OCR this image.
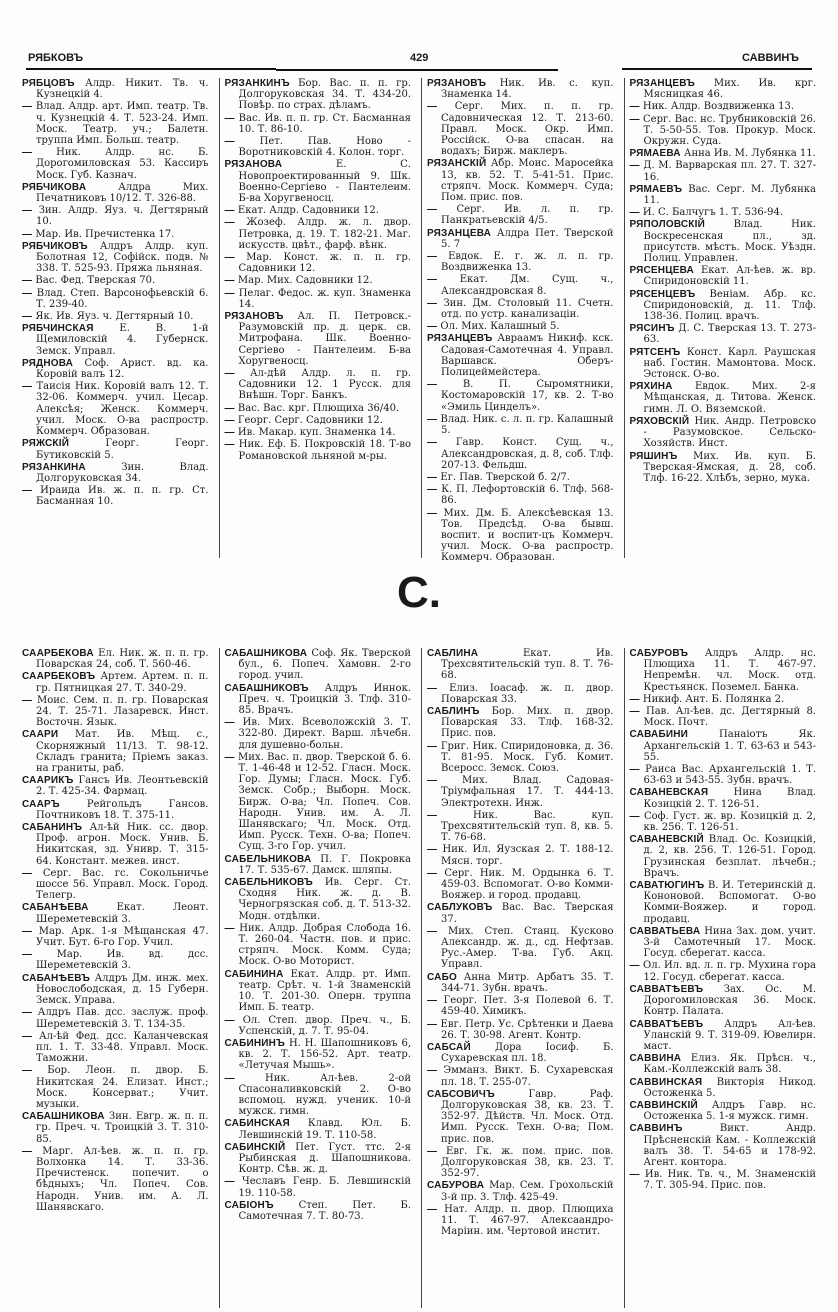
РЯБКОВЪ	429	САВВИНЪ
РЯБЦОВЪ Алдр. Никит. Тв. ч. Кузнецкій 4.
— Влад. Алдр. арт. Имп. театр. Тв. ч. Кузнецкій 4. Т. 523-24. Имп. Моск. Театр. уч.; Балетн. труппа Имп. Больш. театр.
— Ник. Алдр. нс. Б. Дорогомиловская 53. Кассиръ Моск. Губ. Казнач.
РЯБЧИКОВА	Алдра Мих. Печатниковъ 10/12. Т. 326-88.
— Зин. Алдр. Яуз. ч. Дегтярный 10.
— Мар. Ив. Пречистенка 17.
РЯБЧИКОВЪ Алдръ Алдр. куп. Болотная 12, Софійск. подв. № 338. Т. 525-93. Пряжа льняная.
— Вас. Фед. Тверская 70.
— Влад. Степ. Варсонофьевскій 6. Т. 239-40.
— Як. Ив. Яуз. ч. Дегтярный 10.
РЯБЧИНСКАЯ	Е. В. 1-й Щемиловскій 4. Губернск. Земск. Управл.
РЯДНОВА Соф. Арист. вд. ка. Коровій валъ 12.
— Таисія Ник. Коровій валъ 12. Т. 32-06. Коммерч. учил. Цесар. Алексѣя; Женск. Коммерч. учил. Моск. О-ва распростр. Коммерч. Образован.
РЯЖСКІЙ	Георг. Георг. Бутиковскій 5.
РЯЗАНКИНА	Зин. Влад. Долгоруковская 34.
— Ираида Ив. ж. п. п. гр. Ст. Басманная 10.
РЯЗАНКИНЪ Бор. Вас. п. п. гр. Долгоруковская 34. Т. 434-20. Повѣр. по страх. дѣламъ.
— Вас. Ив. п. п. гр. Ст. Басманная 10. Т. 86-10.
— Пет. Пав. Ново - Воротниковскій 4. Колон. торг.
РЯЗАНОВА	Е. С. Новопроектированный 9. Шк. Военно-Сергіево - Пантелеим. Б-ва Хоругвеносц.
— Екат. Алдр. Садовники 12.
— Жозеф. Алдр. ж. л. двор. Петровка, д. 19. Т. 182-21. Маг. искусств. цвѣт., фарф. вѣнк.
— Мар. Конст. ж. п. п. гр. Садовники 12.
— Мар. Мих. Садовники 12.
— Пелаг. Федос. ж. куп. Знаменка 14.
РЯЗАНОВЪ Ал. П. Петровск.-Разумовскій пр. д. церк. св. Митрофана. Шк. Военно-Сергіево - Пантелеим. Б-ва Хоругвеносц.
— Ал-дѣй Алдр. л. п. гр. Садовники 12. 1 Русск. для Внѣшн. Торг. Банкъ.
— Вас. Вас. крг. Плющиха 36/40.
— Георг. Серг. Садовники 12.
— Ив. Макар. куп. Знаменка 14.
— Ник. Еф. Б. Покровскій 18. Т-во Романовской льняной м-ры.
РЯЗАНОВЪ Ник. Ив. с. куп. Знаменка 14.
— Серг. Мих. п. п. гр. Садовническая 12. Т. 213-60. Правл. Моск. Окр. Имп. Россійск. О-ва спасан. на водахъ; Бирж. маклеръ.
РЯЗАНСКІЙ Абр. Моис. Маросейка 13, кв. 52. Т. 5-41-51. Прис. стряпч. Моск. Коммерч. Суда; Пом. прис. пов.
— Серг. Ив. л. п. гр. Панкратьевскій 4/5.
РЯЗАНЦЕВА Алдра Пет. Тверской 5. 7
— Евдок. Е. г. ж. л. п. гр. Воздвиженка 13.
— Екат. Дм. Сущ. ч., Александровская 8.
— Зин. Дм. Столовый 11. Счетн. отд. по устр. канализаціи.
— Ол. Мих. Калашный 5.
РЯЗАНЦЕВЪ Авраамъ Никиф. кск. Садовая-Самотечная 4. Управл. Варшавск. Оберъ-Полицеймейстера.
—	В. П. Сыромятники, Костомаровскій 17, кв. 2. Т-во «Эмиль Цинделъ».
— Влад. Ник. с. л. п. гр. Калашный 5.
— Гавр. Конст. Сущ. ч., Александровская, д. 8, соб. Тлф. 207-13. Фельдш.
— Ег. Пав. Тверской б. 2/7.
— К. П. Лефортовскій 6. Тлф. 568-86.
— Мих. Дм. Б. Алексѣевская 13. Тов. Предсѣд. О-ва бывш. воспит. и воспит-цъ Коммерч. учил. Моск. О-ва распростр. Коммерч. Образован.
РЯЗАНЦЕВЪ Мих. Ив. крг. Мясницкая 46.
— Ник. Алдр. Воздвиженка 13.
— Серг. Вас. нс. Трубниковскій 26. Т. 5-50-55. Тов. Прокур. Моск. Окружн. Суда.
РЯМАЕВА Анна Ив. М. Лубянка 11.
— Д. М. Варварская пл. 27. Т. 327-16.
РЯМАЕВЪ Вас. Серг. М. Лубянка 11.
— И. С. Балчугъ 1. Т. 536-94.
РЯПОЛОВСКІЙ	Влад. Ник. Воскресенская пл., зд. присутств. мѣстъ. Моск. Уѣздн. Полиц. Управлен.
РЯСЕНЦЕВА Екат. Ал-ѣев. ж. вр. Спиридоновскій 11.
РЯСЕНЦЕВЪ Веніам. Абр. кс. Спиридоновскій, д. 11. Тлф. 138-36. Полиц. врачъ.
РЯСИНЪ Д. С. Тверская 13. Т. 273-63.
РЯТСЕНЪ Конст. Карл. Раушская наб. Гостин. Мамонтова. Моск. Эстонск. О-во.
РЯХИНА Евдок. Мих. 2-я Мѣщанская, д. Титова. Женск. гимн. Л. О. Вяземской.
РЯХОВСКІЙ Ник. Андр. Петровско - Разумовское. Сельско-Хозяйств. Инст.
РЯШИНЪ Мих. Ив. куп. Б. Тверская-Ямская, д. 28, соб. Тлф. 16-22. Хлѣбъ, зерно, мука.
С.
СААРБЕКОВА Ел. Ник. ж. п. п. гр. Поварская 24, соб. Т. 560-46.
СААРБЕКОВЪ Артем. Артем. п. п. гр. Пятницкая 27. Т. 340-29.
— Моис. Сем. п. п. гр. Поварская 24. Т. 25-71. Лазаревск. Инст. Восточн. Язык.
СААРИ Мат. Ив. Мѣщ. с., Скорняжный 11/13. Т. 98-12. Складъ гранита; Пріемъ заказ. на граниты, раб.
СААРИКЪ Гансъ Ив. Леонтьевскій 2. Т. 425-34. Фармац.
СААРЪ	Рейгольдъ Гансов. Почтниковъ 18. Т. 375-11.
САБАНИНЪ Ал-ѣй Ник. сс. двор. Проф. агрон. Моск. Унив. Б. Никитская, зд. Унивр. Т. 315-64. Констант. межев. инст.
— Серг. Вас. гс. Сокольничье шоссе 56. Управл. Моск. Город. Телегр.
САБАНѢЕВА	Екат. Леонт. Шереметевскій 3.
— Мар. Арк. 1-я Мѣщанская 47. Учит. Бут. 6-го Гор. Учил.
— Мар. Ив. вд. дсс. Шереметевскій 3.
САБАНѢЕВЪ Алдръ Дм. инж. мех. Новослободская, д. 15 Губерн. Земск. Управа.
— Алдръ Пав. дсс. заслуж. проф. Шереметевскій 3. Т. 134-35.
— Ал-ѣй Фед. дсс. Каланчевская пл. 1. Т. 33-48. Управл. Моск. Таможни.
— Бор. Леон. п. двор. Б. Никитская 24. Елизат. Инст.; Моск. Консерват.; Учит. музыки.
САБАШНИКОВА Зин. Евгр. ж. п. п. гр. Преч. ч. Троицкій 3. Т. 310-85.
— Марг. Ал-ѣев. ж. п. п. гр. Волхонка 14. Т. 33-36. Пречистенск. попечит. о бѣдныхъ; Чл. Попеч. Сов. Народн. Унив. им. А. Л. Шанявскаго.
САБАШНИКОВА Соф. Як. Тверской бул., 6. Попеч. Хамовн. 2-го город. учил.
САБАШНИКОВЪ Алдръ Иннок. Преч. ч. Троицкій 3. Тлф. 310-85. Врачъ.
— Ив. Мих. Всеволожскій 3. Т. 322-80. Директ. Варш. лѣчебн. для душевно-больн.
— Мих. Вас. п. двор. Тверской б. 6. Т. 1-46-48 и 12-52. Гласн. Моск. Гор. Думы; Гласн. Моск. Губ. Земск. Собр.; Выборн. Моск. Бирж. О-ва; Чл. Попеч. Сов. Народн. Унив. им. А. Л. Шанявскаго; Чл. Моск. Отд. Имп. Русск. Техн. О-ва; Попеч. Сущ. 3-го Гор. учил.
САБЕЛЬНИКОВА П. Г. Покровка 17. Т. 535-67. Дамск. шляпы.
САБЕЛЬНИКОВЪ Ив. Серг. Ст. Сходня Ник. ж. д. В. Черногрязская соб. д. Т. 513-32. Модн. отдѣлки.
— Ник. Алдр. Добрая Слобода 16. Т. 260-04. Частн. пов. и прис. стряпч. Моск. Комм. Суда; Моск. О-во Моторист.
САБИНИНА Екат. Алдр. рт. Имп. театр. Срѣт. ч. 1-й Знаменскій 10. Т. 201-30. Оперн. труппа Имп. Б. театр.
— Ол. Степ. двор. Преч. ч., Б. Успенскій, д. 7. Т. 95-04.
САБИНИНЪ Н. Н. Шапошниковъ 6, кв. 2. Т. 156-52. Арт. театр. «Летучая Мышь».
—	Ник. Ал-ѣев. 2-ой Спасоналивковскій 2. О-во вспомоц. нужд. ученик. 10-й мужск. гимн.
САБИНСКАЯ Клавд. Юл. Б. Левшинскій 19. Т. 110-58.
САБИНСКІЙ Пет. Густ. ттс. 2-я Рыбинская д. Шапошникова. Контр. Сѣв. ж. д.
— Чеславъ Генр. Б. Левшинскій 19. 110-58.
САБІОНЪ Степ. Пет. Б. Самотечная 7. Т. 80-73.
САБЛИНА	Екат. Ив. Трехсвятительскій туп. 8. Т. 76-68.
— Елиз. Іоасаф. ж. п. двор. Поварская 33.
САБЛИНЪ Бор. Мих. п. двор. Поварская 33. Тлф. 168-32. Прис. пов.
— Григ. Ник. Спиридоновка, д. 36. Т. 81-95. Моск. Губ. Комит. Всеросс. Земск. Союз.
— Мих. Влад. Садовая-Тріумфальная 17. Т. 444-13. Электротехн. Инж.
—	Ник. Вас. куп. Трехсвятительскій туп. 8, кв. 5. Т. 76-68.
— Ник. Ил. Яузская 2. Т. 188-12. Мясн. торг.
— Серг. Ник. М. Ордынка 6. Т. 459-03. Вспомогат. О-во Комми-Вояжер. и город. продавц.
САБЛУКОВЪ Вас. Вас. Тверская 37.
— Мих. Степ. Станц. Кусково Александр. ж. д., сд. Нефтзав. Рус.-Амер. Т-ва. Губ. Акц. Управл.
САБО Анна Митр. Арбатъ 35. Т. 344-71. Зубн. врачъ.
— Георг. Пет. 3-я Полевой 6. Т. 459-40. Химикъ.
— Евг. Петр. Ус. Срѣтенки и Даева 26. Т. 30-98. Агент. Контр.
САБСАЙ Дора Іосиф. Б. Сухаревская пл. 18.
— Эмманз. Викт. Б. Сухаревская пл. 18. Т. 255-07.
САБСОВИЧЪ	Гавр. Раф. Долгоруковская 38, кв. 23. Т. 352-97. Дѣйств. Чл. Моск. Отд. Имп. Русск. Техн. О-ва; Пом. прис. пов.
— Евг. Гк. ж. пом. прис. пов. Долгоруковская 38, кв. 23. Т. 352-97.
САБУРОВА Мар. Сем. Грохольскій 3-й пр. 3. Тлф. 425-49.
— Нат. Алдр. п. двор. Плющиха 11. Т. 467-97. Алексаандро-Маріин. им. Чертовой инстит.
САБУРОВЪ Алдръ Алдр. нс. Плющиха 11. Т. 467-97. Непремѣн. чл. Моск. отд. Крестьянск. Поземел. Банка.
— Никиф. Ант. Б. Полянка 2.
— Пав. Ал-ѣев. дс. Дегтярный 8. Моск. Почт.
САВАБИНИ	Панаіотъ Як. Архангельскій 1. Т. 63-63 и 543-55.
— Раиса Вас. Архангельскій 1. Т. 63-63 и 543-55. Зубн. врачъ.
САВАНЕВСКАЯ	Нина Влад. Козицкій 2. Т. 126-51.
— Соф. Густ. ж. вр. Козицкій д. 2, кв. 256. Т. 126-51.
САВАНЕВСКІЙ Влад. Ос. Козицкій, д. 2, кв. 256. Т. 126-51. Город. Грузинская безплат. лѣчебн.; Врачъ.
САВАТЮГИНЪ В. И. Тетеринскій д. Кононовой. Вспомогат. О-во Комми-Вояжер. и город. продавц.
САВВАТЬЕВА Нина Зах. дом. учит. 3-й Самотечный 17. Моск. Госуд. сберегат. касса.
— Ол. Ил. вд. л. п. гр. Мухина гора 12. Госуд. сберегат. касса.
САВВАТѢЕВЪ Зах. Ос. М. Дорогомиловская 36. Моск. Контр. Палата.
САВВАТѢЕВЪ Алдръ Ал-ѣев. Уланскій 9. Т. 319-09. Ювелирн. маст.
САВВИНА Елиз. Як. Прѣсн. ч., Кам.-Коллежскій валъ 38.
САВВИНСКАЯ Викторія Никод. Остоженка 5.
САВВИНСКІЙ Алдръ Гавр. нс. Остоженка 5. 1-я мужск. гимн.
САВВИНЪ	Викт. Андр. Прѣсненскій Кам. - Коллежскій валъ 38. Т. 54-65 и 178-92. Агент. контора.
— Ив. Ник. Тв. ч., М. Знаменскій 7. Т. 305-94. Прис. пов.
